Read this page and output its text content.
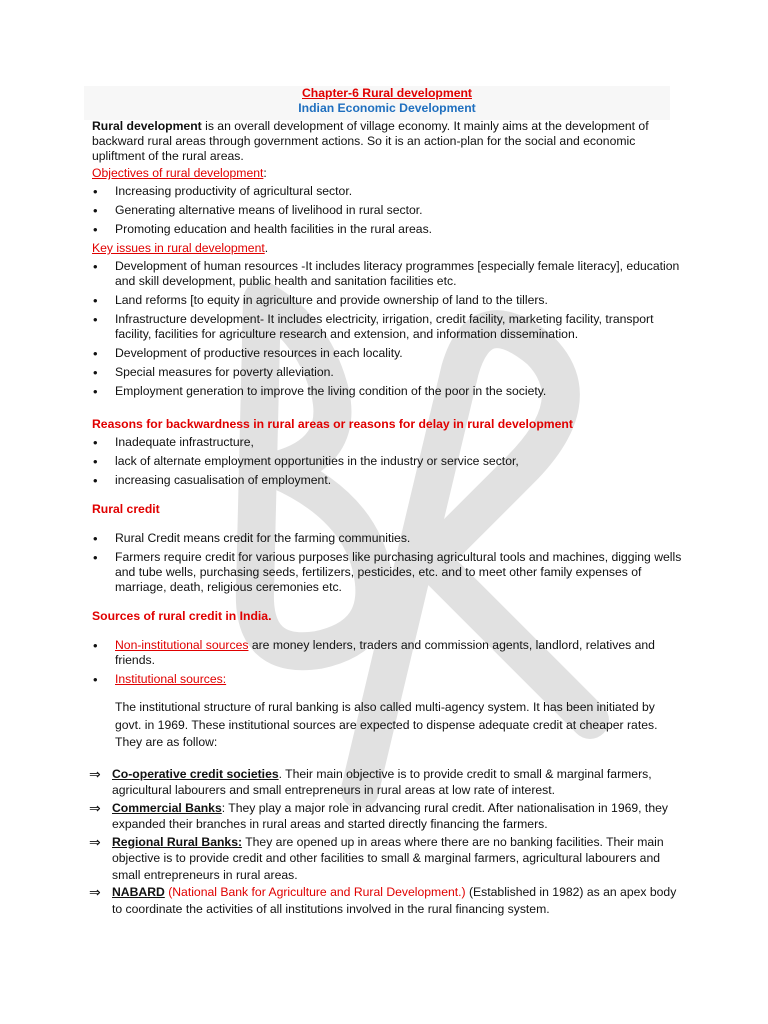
Chapter-6 Rural development
Indian Economic Development

Rural development is an overall development of village economy. It mainly aims at the development of backward rural areas through government actions. So it is an action-plan for the social and economic upliftment of the rural areas.

Objectives of rural development:

• Increasing productivity of agricultural sector.
• Generating alternative means of livelihood in rural sector.
• Promoting education and health facilities in the rural areas.

Key issues in rural development.

• Development of human resources -It includes literacy programmes [especially female literacy], education and skill development, public health and sanitation facilities etc.
• Land reforms [to equity in agriculture and provide ownership of land to the tillers.
• Infrastructure development- It includes electricity, irrigation, credit facility, marketing facility, transport facility, facilities for agriculture research and extension, and information dissemination.
• Development of productive resources in each locality.
• Special measures for poverty alleviation.
• Employment generation to improve the living condition of the poor in the society.

Reasons for backwardness in rural areas or reasons for delay in rural development

• Inadequate infrastructure,
• lack of alternate employment opportunities in the industry or service sector,
• increasing casualisation of employment.

Rural credit

• Rural Credit means credit for the farming communities.
• Farmers require credit for various purposes like purchasing agricultural tools and machines, digging wells and tube wells, purchasing seeds, fertilizers, pesticides, etc. and to meet other family expenses of marriage, death, religious ceremonies etc.

Sources of rural credit in India.

• Non-institutional sources are money lenders, traders and commission agents, landlord, relatives and friends.
• Institutional sources:

The institutional structure of rural banking is also called multi-agency system. It has been initiated by govt. in 1969. These institutional sources are expected to dispense adequate credit at cheaper rates. They are as follow:

⇒ Co-operative credit societies. Their main objective is to provide credit to small & marginal farmers, agricultural labourers and small entrepreneurs in rural areas at low rate of interest.
⇒ Commercial Banks: They play a major role in advancing rural credit. After nationalisation in 1969, they expanded their branches in rural areas and started directly financing the farmers.
⇒ Regional Rural Banks: They are opened up in areas where there are no banking facilities. Their main objective is to provide credit and other facilities to small & marginal farmers, agricultural labourers and small entrepreneurs in rural areas.
⇒ NABARD (National Bank for Agriculture and Rural Development.) (Established in 1982) as an apex body to coordinate the activities of all institutions involved in the rural financing system.
